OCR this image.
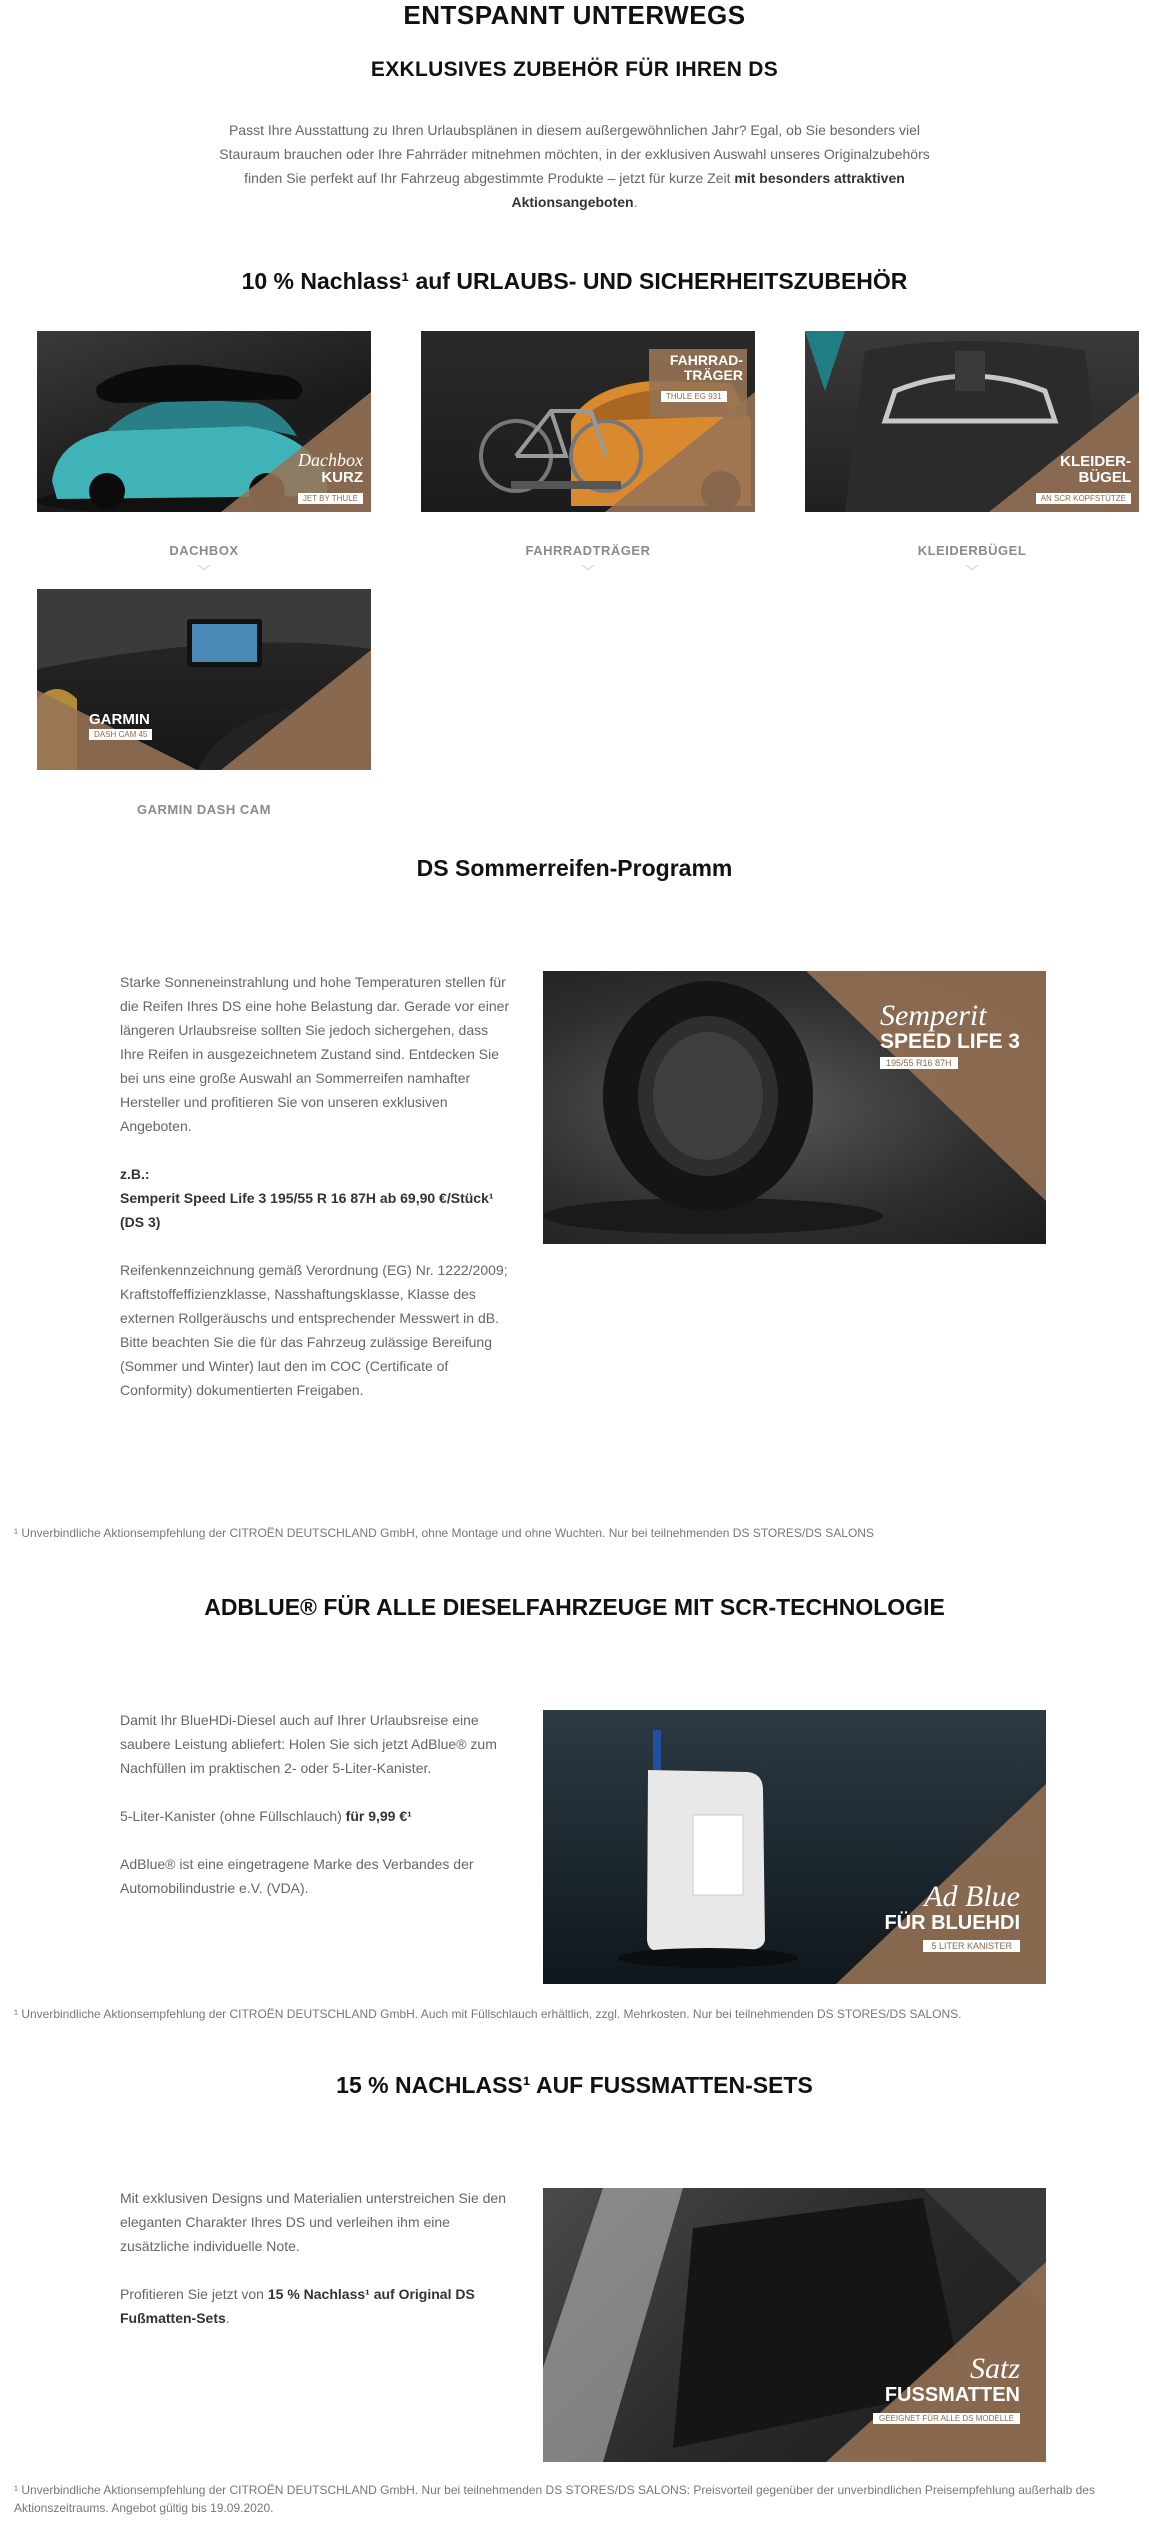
ENTSPANNT UNTERWEGS
EXKLUSIVES ZUBEHÖR FÜR IHREN DS

Passt Ihre Ausstattung zu Ihren Urlaubsplänen in diesem außergewöhnlichen Jahr? Egal, ob Sie besonders viel Stauraum brauchen oder Ihre Fahrräder mitnehmen möchten, in der exklusiven Auswahl unseres Originalzubehörs finden Sie perfekt auf Ihr Fahrzeug abgestimmte Produkte – jetzt für kurze Zeit mit besonders attraktiven Aktionsangeboten.

10 % Nachlass¹ auf URLAUBS- UND SICHERHEITSZUBEHÖR
Dachbox
KURZ
JET BY THULE
DACHBOX
﹀
FAHRRAD-
TRÄGER
THULE EG 931
FAHRRADTRÄGER
﹀
KLEIDER-
BÜGEL
AN SCR KOPFSTÜTZE
KLEIDERBÜGEL
﹀
GARMIN
DASH CAM 45
GARMIN DASH CAM
DS Sommerreifen-Programm
Starke Sonneneinstrahlung und hohe Temperaturen stellen für die Reifen Ihres DS eine hohe Belastung dar. Gerade vor einer längeren Urlaubsreise sollten Sie jedoch sichergehen, dass Ihre Reifen in ausgezeichnetem Zustand sind. Entdecken Sie bei uns eine große Auswahl an Sommerreifen namhafter Hersteller und profitieren Sie von unseren exklusiven Angeboten.
z.B.:
Semperit Speed Life 3 195/55 R 16 87H ab 69,90 €/Stück¹
(DS 3)
Reifenkennzeichnung gemäß Verordnung (EG) Nr. 1222/2009; Kraftstoffeffizienzklasse, Nasshaftungsklasse, Klasse des externen Rollgeräuschs und entsprechender Messwert in dB. Bitte beachten Sie die für das Fahrzeug zulässige Bereifung (Sommer und Winter) laut den im COC (Certificate of Conformity) dokumentierten Freigaben.
Semperit
SPEED LIFE 3
195/55 R16 87H
¹ Unverbindliche Aktionsempfehlung der CITROËN DEUTSCHLAND GmbH, ohne Montage und ohne Wuchten. Nur bei teilnehmenden DS STORES/DS SALONS
ADBLUE® FÜR ALLE DIESELFAHRZEUGE MIT SCR-TECHNOLOGIE
Damit Ihr BlueHDi-Diesel auch auf Ihrer Urlaubsreise eine saubere Leistung abliefert: Holen Sie sich jetzt AdBlue® zum Nachfüllen im praktischen 2- oder 5-Liter-Kanister.
5-Liter-Kanister (ohne Füllschlauch) für 9,99 €¹
AdBlue® ist eine eingetragene Marke des Verbandes der Automobilindustrie e.V. (VDA).	Ad Blue
FÜR BLUEHDI
5 LITER KANISTER
¹ Unverbindliche Aktionsempfehlung der CITROËN DEUTSCHLAND GmbH. Auch mit Füllschlauch erhältlich, zzgl. Mehrkosten. Nur bei teilnehmenden DS STORES/DS SALONS.
15 % NACHLASS¹ AUF FUSSMATTEN-SETS
Mit exklusiven Designs und Materialien unterstreichen Sie den eleganten Charakter Ihres DS und verleihen ihm eine zusätzliche individuelle Note.
Profitieren Sie jetzt von 15 % Nachlass¹ auf Original DS Fußmatten-Sets.
Satz
FUSSMATTEN
GEEIGNET FÜR ALLE DS MODELLE
¹ Unverbindliche Aktionsempfehlung der CITROËN DEUTSCHLAND GmbH. Nur bei teilnehmenden DS STORES/DS SALONS: Preisvorteil gegenüber der unverbindlichen Preisempfehlung außerhalb des Aktionszeitraums. Angebot gültig bis 19.09.2020.
